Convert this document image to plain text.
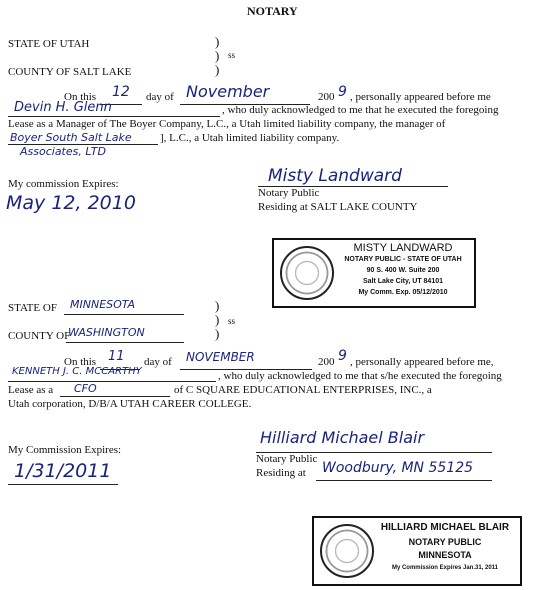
NOTARY
STATE OF UTAH	)
) ss
)
COUNTY OF SALT LAKE
On this 12 day of November	200 9 , personally appeared before me
Devin H. Glenn	, who duly acknowledged to me that he executed the foregoing
Lease as a Manager of The Boyer Company, L.C., a Utah limited liability company, the manager of
Boyer South Salt Lake	], L.C., a Utah limited liability company.
Associates, LTD
My commission Expires:	Misty Landward
Notary Public
Residing at SALT LAKE COUNTY
May 12, 2010
MISTY LANDWARD
NOTARY PUBLIC - STATE OF UTAH
90 S. 400 W. Suite 200
Salt Lake City, UT 84101
My Comm. Exp. 05/12/2010
STATE OF MINNESOTA	)
) ss
)
COUNTY OF
WASHINGTON
On this 11 day of NOVEMBER	200 9 , personally appeared before me,
KENNETH J. C. MCCARTHY	, who duly acknowledged to me that s/he executed the foregoing
Lease as a CFO	of C SQUARE EDUCATIONAL ENTERPRISES, INC., a
Utah corporation, D/B/A UTAH CAREER COLLEGE.
My Commission Expires:
Hilliard Michael Blair
Notary Public
Residing at Woodbury, MN 55125
1/31/2011
HILLIARD MICHAEL BLAIR
NOTARY PUBLIC
MINNESOTA
My Commission Expires Jan.31, 2011
